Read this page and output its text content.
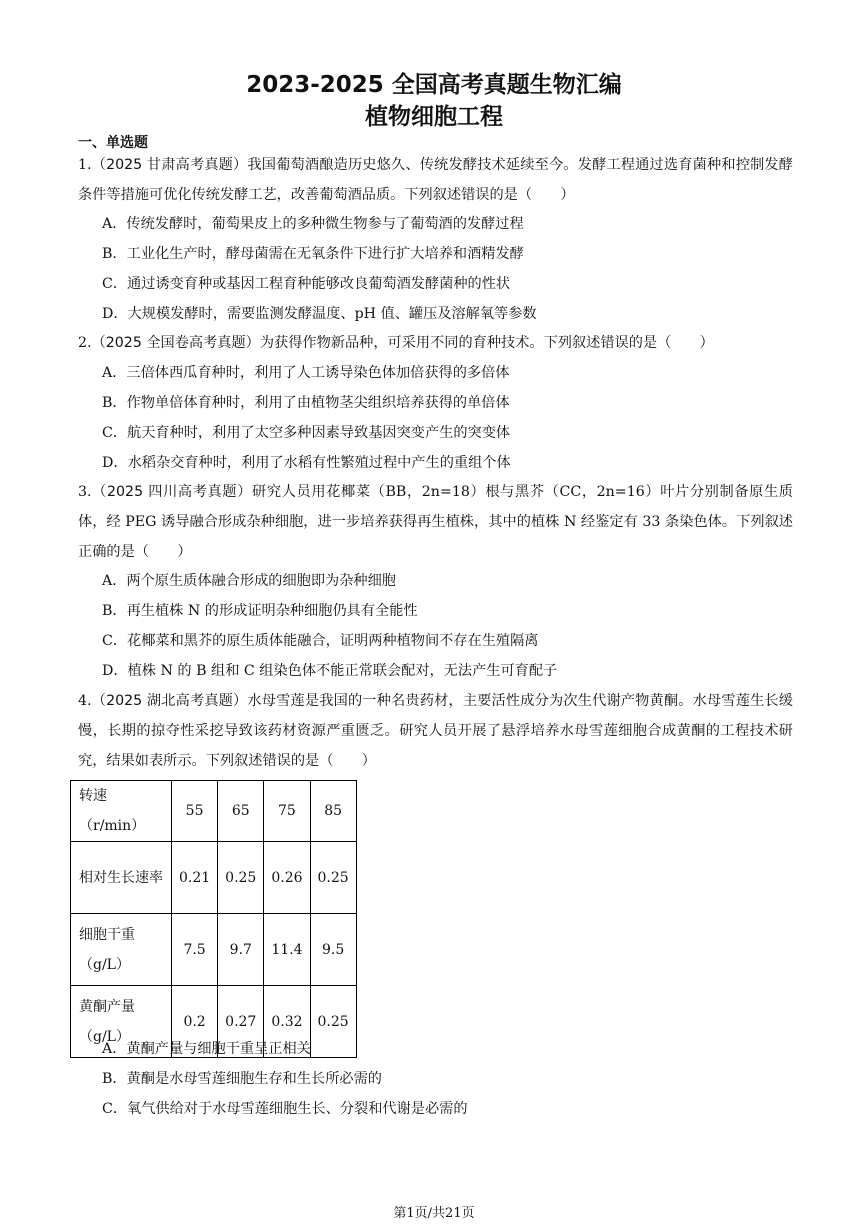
2023-2025 全国高考真题生物汇编
植物细胞工程
一、单选题
1.（2025 甘肃高考真题）我国葡萄酒酿造历史悠久、传统发酵技术延续至今。发酵工程通过选育菌种和控制发酵条件等措施可优化传统发酵工艺，改善葡萄酒品质。下列叙述错误的是（　　）
A．传统发酵时，葡萄果皮上的多种微生物参与了葡萄酒的发酵过程
B．工业化生产时，酵母菌需在无氧条件下进行扩大培养和酒精发酵
C．通过诱变育种或基因工程育种能够改良葡萄酒发酵菌种的性状
D．大规模发酵时，需要监测发酵温度、pH 值、罐压及溶解氧等参数
2.（2025 全国卷高考真题）为获得作物新品种，可采用不同的育种技术。下列叙述错误的是（　　）
A．三倍体西瓜育种时，利用了人工诱导染色体加倍获得的多倍体
B．作物单倍体育种时，利用了由植物茎尖组织培养获得的单倍体
C．航天育种时，利用了太空多种因素导致基因突变产生的突变体
D．水稻杂交育种时，利用了水稻有性繁殖过程中产生的重组个体
3.（2025 四川高考真题）研究人员用花椰菜（BB，2n=18）根与黑芥（CC，2n=16）叶片分别制备原生质体，经 PEG 诱导融合形成杂种细胞，进一步培养获得再生植株，其中的植株 N 经鉴定有 33 条染色体。下列叙述正确的是（　　）
A．两个原生质体融合形成的细胞即为杂种细胞
B．再生植株 N 的形成证明杂种细胞仍具有全能性
C．花椰菜和黑芥的原生质体能融合，证明两种植物间不存在生殖隔离
D．植株 N 的 B 组和 C 组染色体不能正常联会配对，无法产生可育配子
4.（2025 湖北高考真题）水母雪莲是我国的一种名贵药材，主要活性成分为次生代谢产物黄酮。水母雪莲生长缓慢，长期的掠夺性采挖导致该药材资源严重匮乏。研究人员开展了悬浮培养水母雪莲细胞合成黄酮的工程技术研究，结果如表所示。下列叙述错误的是（　　）
转速（r/min）	55	65	75	85
相对生长速率	0.21	0.25	0.26	0.25
细胞干重（g/L）	7.5	9.7	11.4	9.5
黄酮产量（g/L）	0.2	0.27	0.32	0.25
A．黄酮产量与细胞干重呈正相关
B．黄酮是水母雪莲细胞生存和生长所必需的
C．氧气供给对于水母雪莲细胞生长、分裂和代谢是必需的
第1页/共21页
